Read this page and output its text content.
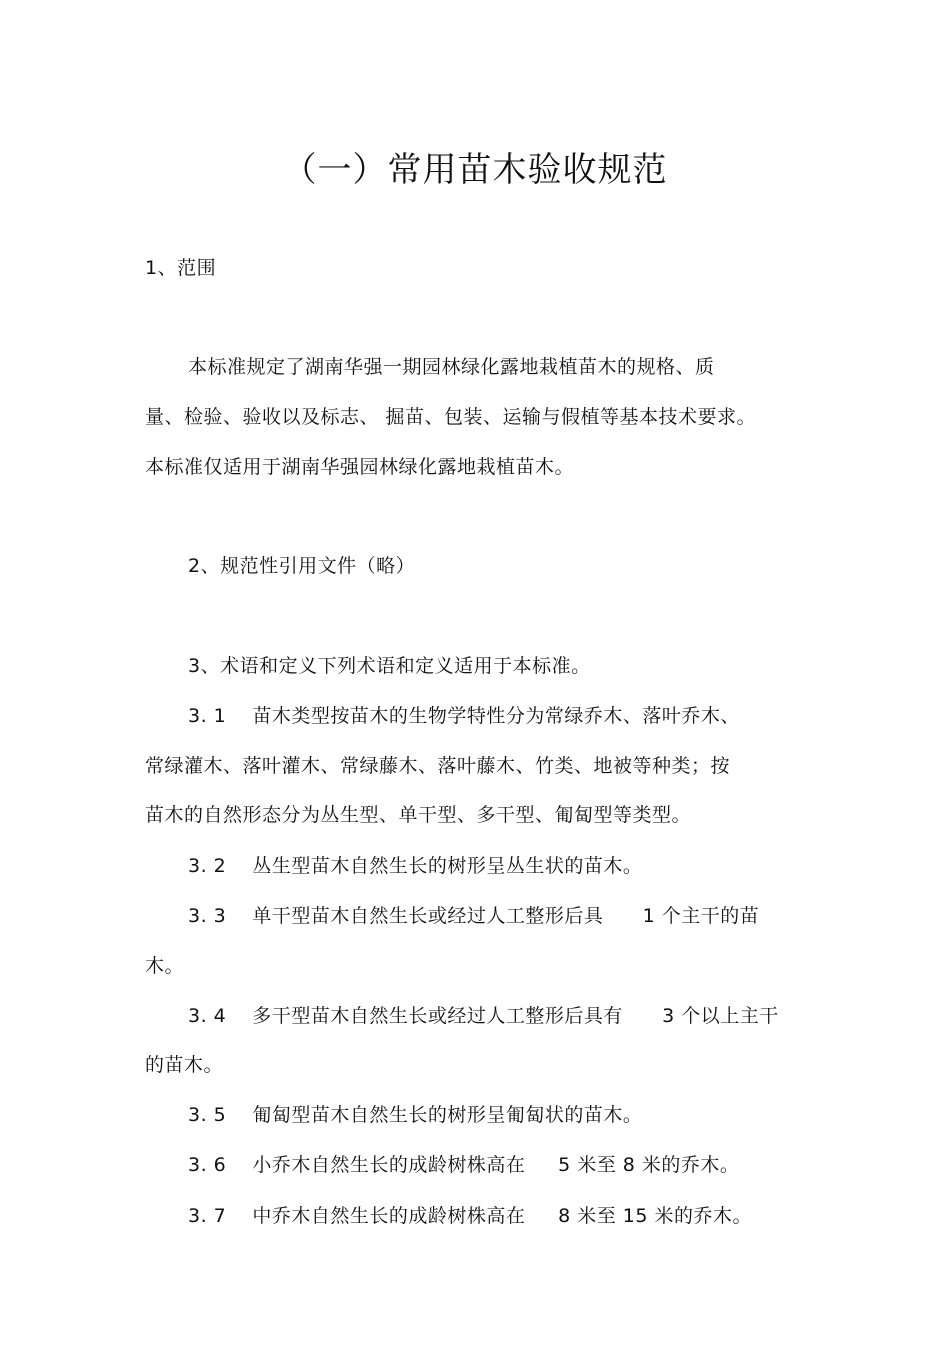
（一）常用苗木验收规范
1、范围
本标准规定了湖南华强一期园林绿化露地栽植苗木的规格、质
量、检验、验收以及标志、 掘苗、包装、运输与假植等基本技术要求。
本标准仅适用于湖南华强园林绿化露地栽植苗木。
2、规范性引用文件（略）
3、术语和定义下列术语和定义适用于本标准。
3. 1    苗木类型按苗木的生物学特性分为常绿乔木、落叶乔木、
常绿灌木、落叶灌木、常绿藤木、落叶藤木、竹类、地被等种类；按
苗木的自然形态分为丛生型、单干型、多干型、匍匐型等类型。
3. 2    丛生型苗木自然生长的树形呈丛生状的苗木。
3. 3    单干型苗木自然生长或经过人工整形后具      1 个主干的苗
木。
3. 4    多干型苗木自然生长或经过人工整形后具有      3 个以上主干
的苗木。
3. 5    匍匐型苗木自然生长的树形呈匍匐状的苗木。
3. 6    小乔木自然生长的成龄树株高在     5 米至 8 米的乔木。
3. 7    中乔木自然生长的成龄树株高在     8 米至 15 米的乔木。
